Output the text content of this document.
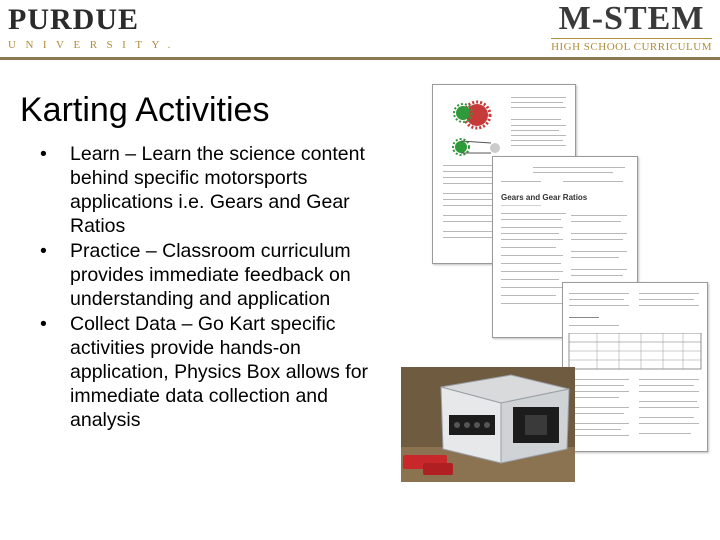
PURDUE
UNIVERSITY.
M-STEM
HIGH SCHOOL CURRICULUM
Karting Activities
• Learn – Learn the science content behind specific motorsports applications i.e. Gears and Gear Ratios
• Practice – Classroom curriculum provides immediate feedback on understanding and application
• Collect Data – Go Kart specific activities provide hands-on application, Physics Box allows for immediate data collection and analysis
Gears and Gear Ratios
